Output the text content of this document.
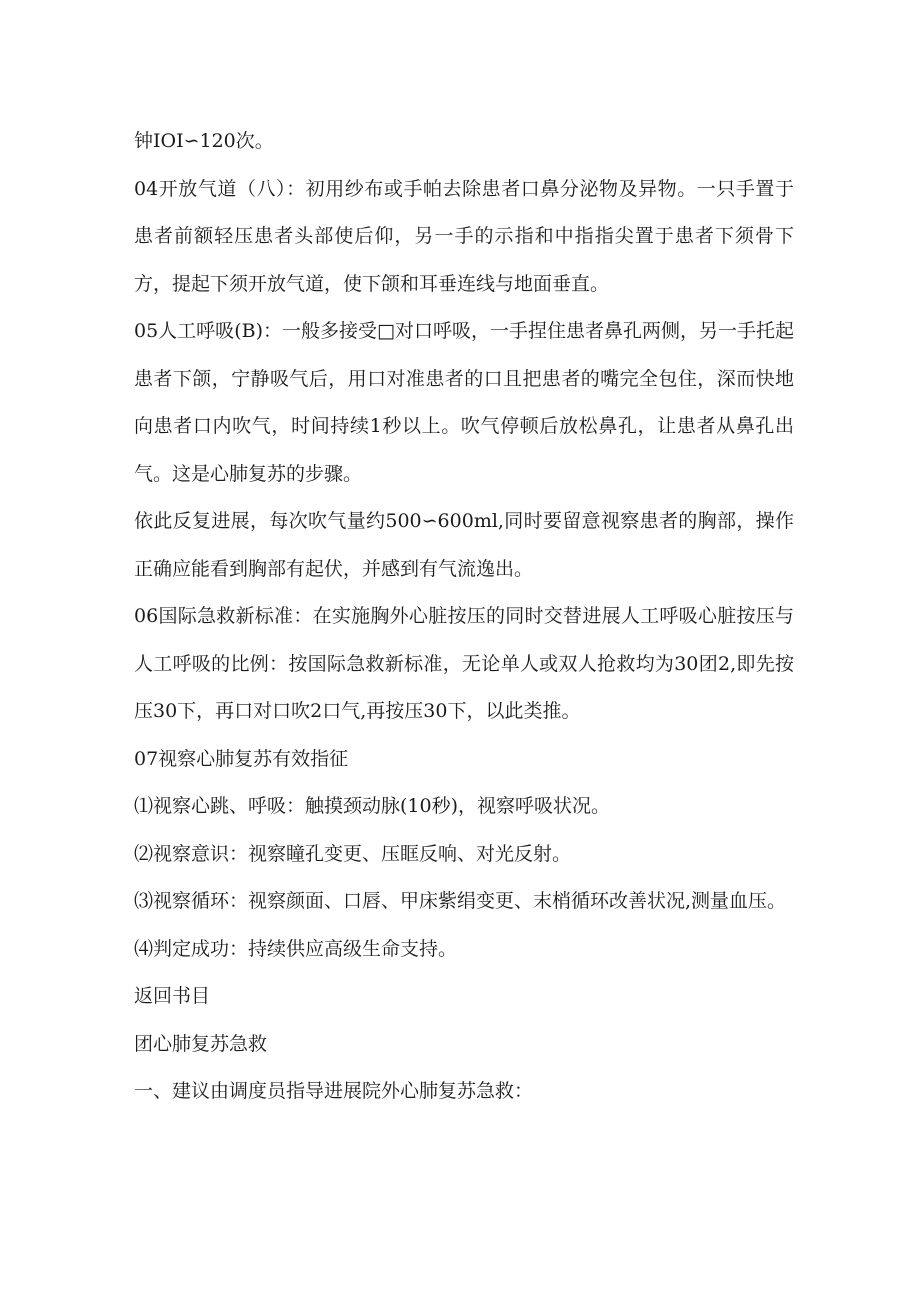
钟IOI∽120次。

04开放气道（八）：初用纱布或手帕去除患者口鼻分泌物及异物。一只手置于患者前额轻压患者头部使后仰，另一手的示指和中指指尖置于患者下须骨下方，提起下须开放气道，使下颌和耳垂连线与地面垂直。

05人工呼吸(B)：一般多接受□对口呼吸，一手捏住患者鼻孔两侧，另一手托起患者下颌，宁静吸气后，用口对准患者的口且把患者的嘴完全包住，深而快地向患者口内吹气，时间持续1秒以上。吹气停顿后放松鼻孔，让患者从鼻孔出气。这是心肺复苏的步骤。

依此反复进展，每次吹气量约500∽600ml,同时要留意视察患者的胸部，操作正确应能看到胸部有起伏，并感到有气流逸出。

06国际急救新标准：在实施胸外心脏按压的同时交替进展人工呼吸心脏按压与人工呼吸的比例：按国际急救新标准，无论单人或双人抢救均为30团2,即先按压30下，再口对口吹2口气,再按压30下，以此类推。

07视察心肺复苏有效指征

⑴视察心跳、呼吸：触摸颈动脉(10秒)，视察呼吸状况。

⑵视察意识：视察瞳孔变更、压眶反响、对光反射。

⑶视察循环：视察颜面、口唇、甲床紫绢变更、末梢循环改善状况,测量血压。

⑷判定成功：持续供应高级生命支持。

返回书目

团心肺复苏急救

一、建议由调度员指导进展院外心肺复苏急救：
